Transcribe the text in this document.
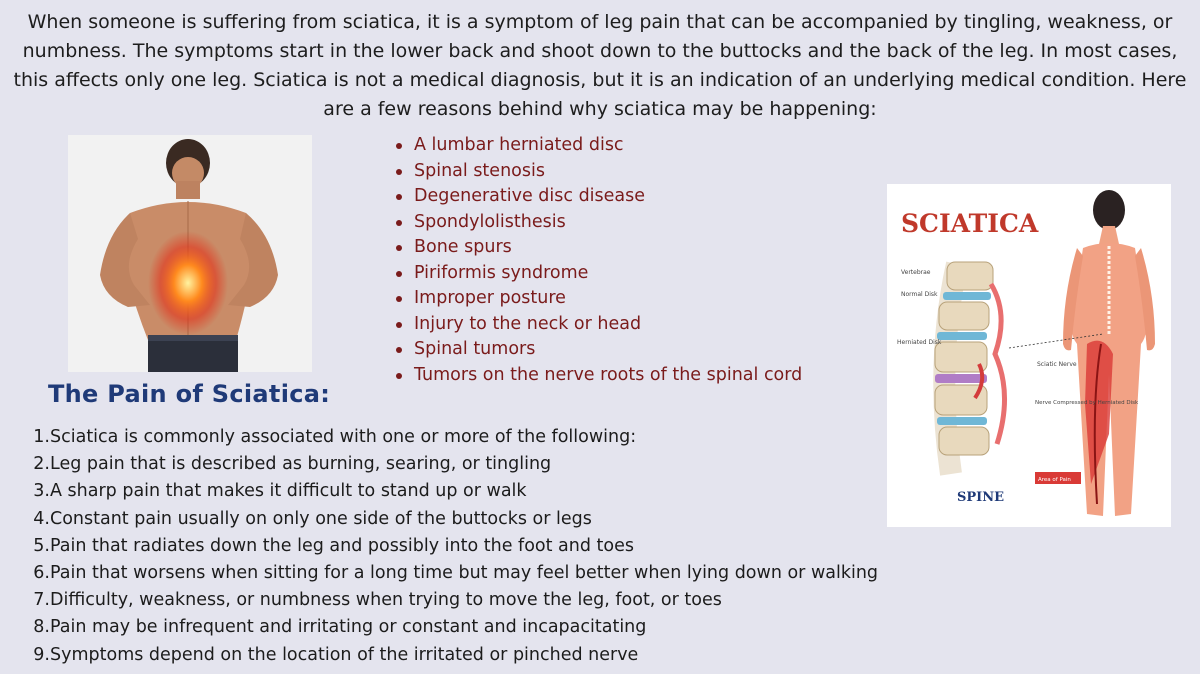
When someone is suffering from sciatica, it is a symptom of leg pain that can be accompanied by tingling, weakness, or numbness. The symptoms start in the lower back and shoot down to the buttocks and the back of the leg. In most cases, this affects only one leg. Sciatica is not a medical diagnosis, but it is an indication of an underlying medical condition. Here are a few reasons behind why sciatica may be happening:

A lumbar herniated disc
Spinal stenosis
Degenerative disc disease
Spondylolisthesis
Bone spurs
Piriformis syndrome
Improper posture
Injury to the neck or head
Spinal tumors
Tumors on the nerve roots of the spinal cord
The Pain of Sciatica:
1.Sciatica is commonly associated with one or more of the following:
2.Leg pain that is described as burning, searing, or tingling
3.A sharp pain that makes it difficult to stand up or walk
4.Constant pain usually on only one side of the buttocks or legs
5.Pain that radiates down the leg and possibly into the foot and toes
6.Pain that worsens when sitting for a long time but may feel better when lying down or walking
7.Difficulty, weakness, or numbness when trying to move the leg, foot, or toes
8.Pain may be infrequent and irritating or constant and incapacitating
9.Symptoms depend on the location of the irritated or pinched nerve
SCIATICA
Vertebrae
Normal Disk
Herniated Disk
Sciatic Nerve
Nerve Compressed by Herniated Disk
Area of Pain
SPINE
